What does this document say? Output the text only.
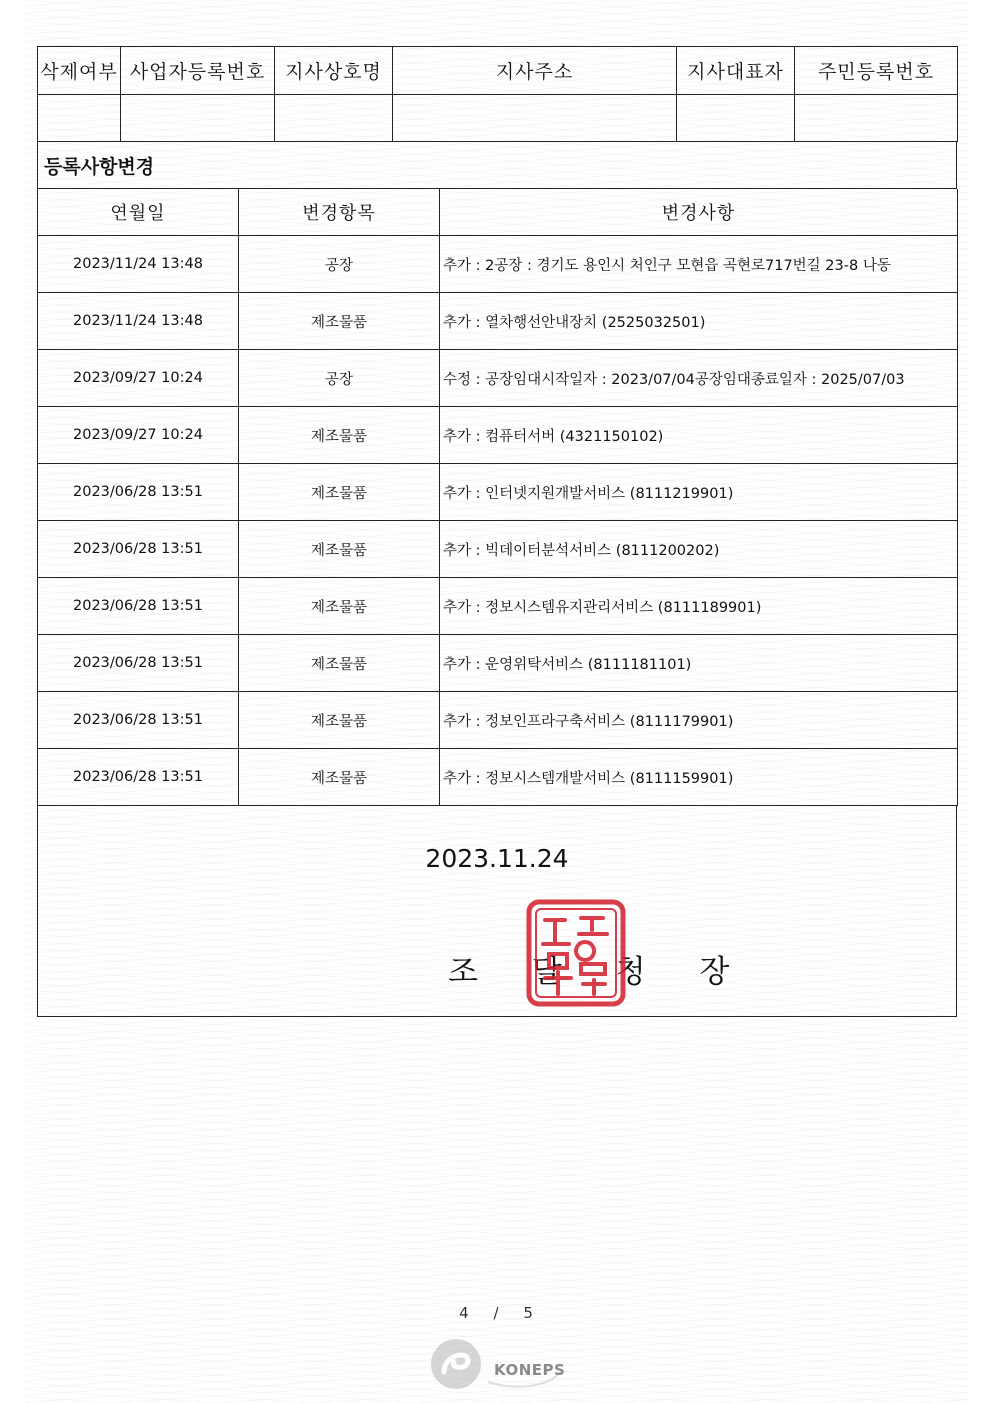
삭제여부	사업자등록번호	지사상호명	지사주소	지사대표자	주민등록번호

등록사항변경
연월일	변경항목	변경사항
2023/11/24 13:48	공장	추가 : 2공장 : 경기도 용인시 처인구 모현읍 곡현로717번길 23-8 나동
2023/11/24 13:48	제조물품	추가 : 열차행선안내장치 (2525032501)
2023/09/27 10:24	공장	수정 : 공장임대시작일자 : 2023/07/04공장임대종료일자 : 2025/07/03
2023/09/27 10:24	제조물품	추가 : 컴퓨터서버 (4321150102)
2023/06/28 13:51	제조물품	추가 : 인터넷지원개발서비스 (8111219901)
2023/06/28 13:51	제조물품	추가 : 빅데이터분석서비스 (8111200202)
2023/06/28 13:51	제조물품	추가 : 정보시스템유지관리서비스 (8111189901)
2023/06/28 13:51	제조물품	추가 : 운영위탁서비스 (8111181101)
2023/06/28 13:51	제조물품	추가 : 정보인프라구축서비스 (8111179901)
2023/06/28 13:51	제조물품	추가 : 정보시스템개발서비스 (8111159901)
2023.11.24
조 달 청 장
4 / 5
KONEPS
